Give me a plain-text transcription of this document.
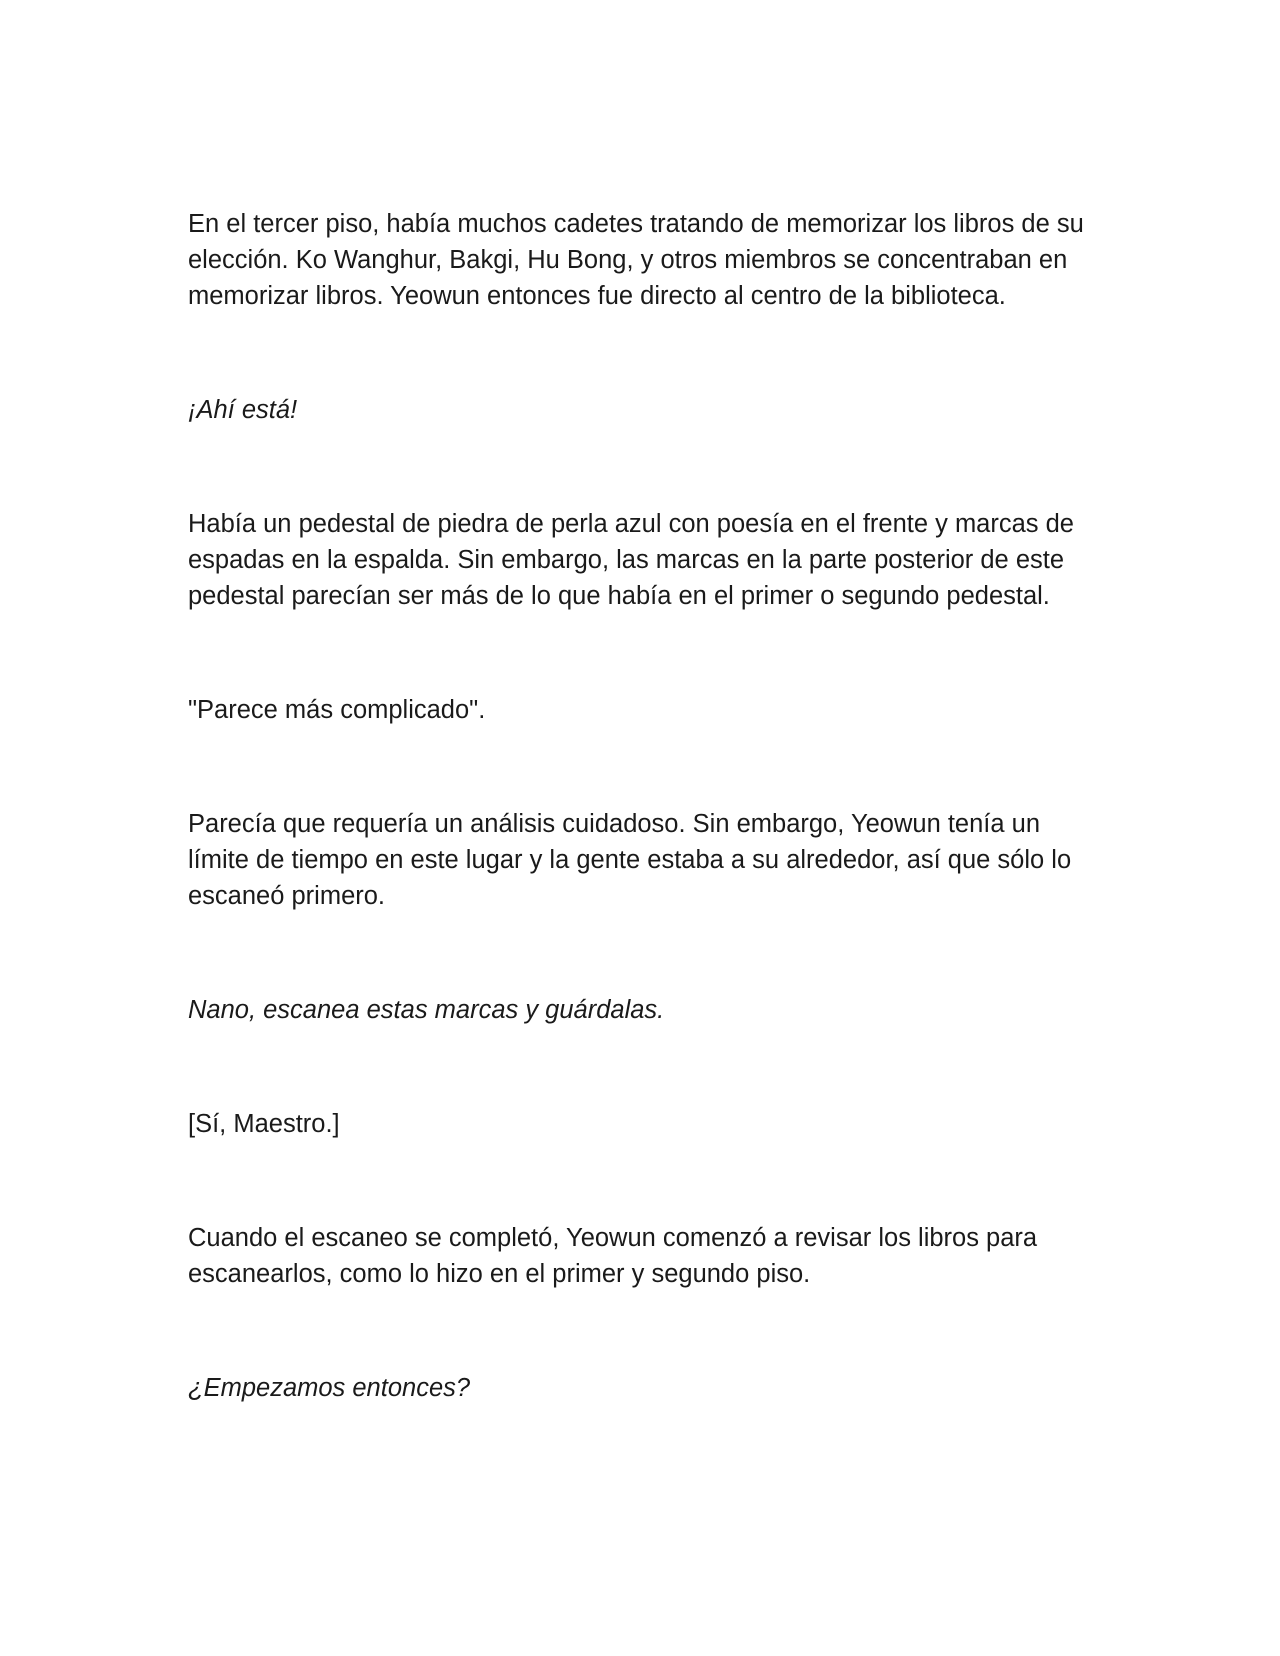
En el tercer piso, había muchos cadetes tratando de memorizar los libros de su elección. Ko Wanghur, Bakgi, Hu Bong, y otros miembros se concentraban en memorizar libros. Yeowun entonces fue directo al centro de la biblioteca.

¡Ahí está!

Había un pedestal de piedra de perla azul con poesía en el frente y marcas de espadas en la espalda. Sin embargo, las marcas en la parte posterior de este pedestal parecían ser más de lo que había en el primer o segundo pedestal.

"Parece más complicado".

Parecía que requería un análisis cuidadoso. Sin embargo, Yeowun tenía un límite de tiempo en este lugar y la gente estaba a su alrededor, así que sólo lo escaneó primero.

Nano, escanea estas marcas y guárdalas.

[Sí, Maestro.]

Cuando el escaneo se completó, Yeowun comenzó a revisar los libros para escanearlos, como lo hizo en el primer y segundo piso.

¿Empezamos entonces?
